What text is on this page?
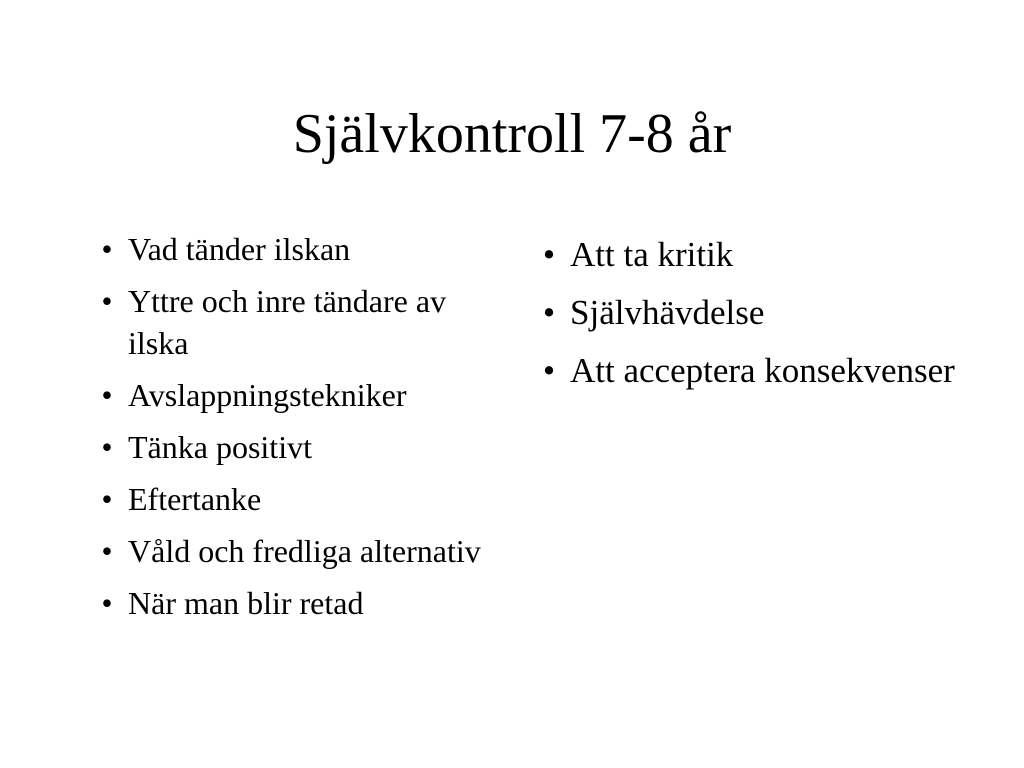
Självkontroll 7-8 år
• Vad tänder ilskan
• Yttre och inre tändare av ilska
• Avslappningstekniker
• Tänka positivt
• Eftertanke
• Våld och fredliga alternativ
• När man blir retad
• Att ta kritik
• Självhävdelse
• Att acceptera konsekvenser
